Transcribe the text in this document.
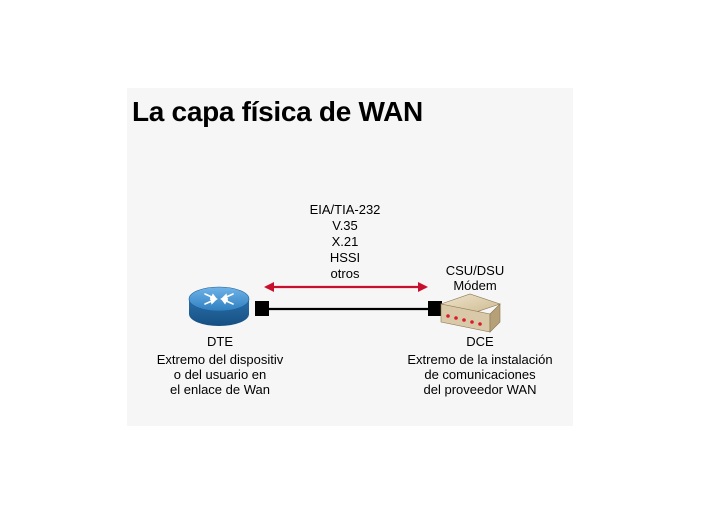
La capa física de WAN
EIA/TIA-232
V.35
X.21
HSSI
otros	CSU/DSU
Módem
DTE
Extremo del dispositiv
o del usuario en
el enlace de Wan
DCE
Extremo de la instalación
de comunicaciones
del proveedor WAN
